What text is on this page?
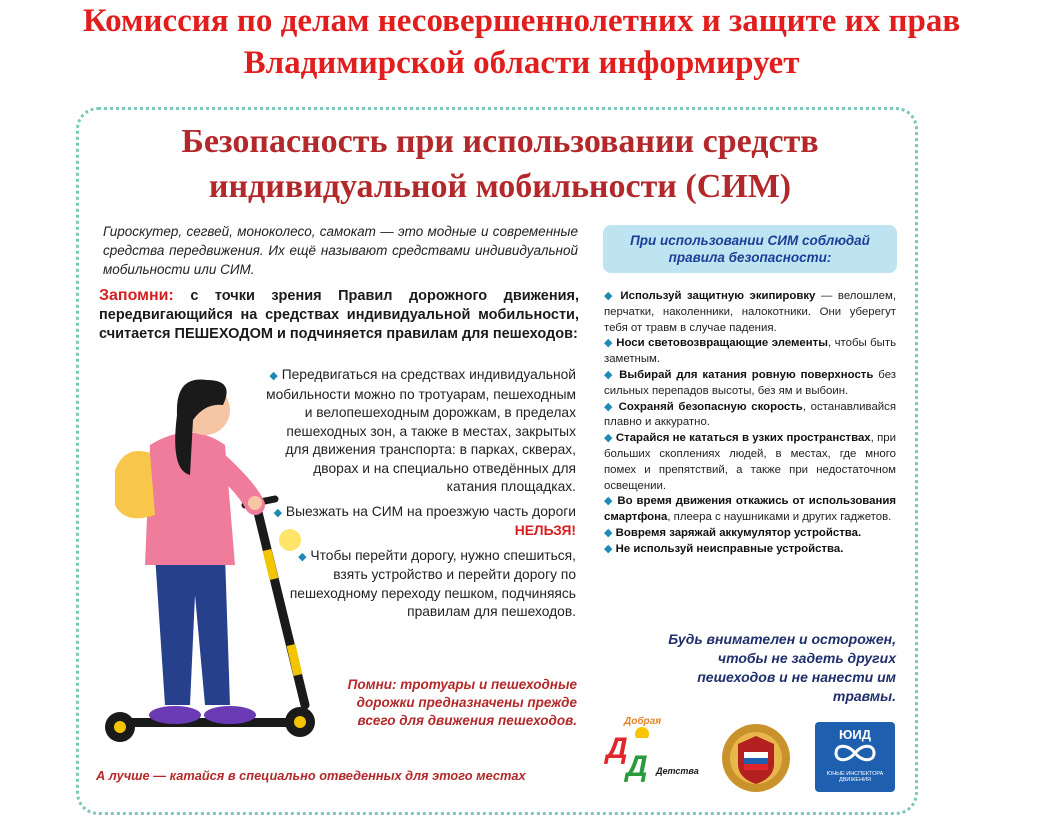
Комиссия по делам несовершеннолетних и защите их прав
Владимирской области информирует
Безопасность при использовании средств
индивидуальной мобильности (СИМ)
Гироскутер, сегвей, моноколесо, самокат — это модные и современные средства передвижения. Их ещё называют средствами индивидуальной мобильности или СИМ.
Запомни: с точки зрения Правил дорожного движения, передвигающийся на средствах индивидуальной мобильности, считается ПЕШЕХОДОМ и подчиняется правилам для пешеходов:

◆ Передвигаться на средствах индивидуальной мобильности можно по тротуарам, пешеходным и велопешеходным дорожкам, в пределах пешеходных зон, а также в местах, закрытых для движения транспорта: в парках, скверах, дворах и на специально отведённых для катания площадках.

◆ Выезжать на СИМ на проезжую часть дороги НЕЛЬЗЯ!

◆ Чтобы перейти дорогу, нужно спешиться, взять устройство и перейти дорогу по пешеходному переходу пешком, подчиняясь правилам для пешеходов.

Помни: тротуары и пешеходные дорожки предназначены прежде всего для движения пешеходов.
А лучше — катайся в специально отведенных для этого местах
При использовании СИМ соблюдай правила безопасности:

◆ Используй защитную экипировку — велошлем, перчатки, наколенники, налокотники. Они уберегут тебя от травм в случае падения.

◆ Носи световозвращающие элементы, чтобы быть заметным.

◆ Выбирай для катания ровную поверхность без сильных перепадов высоты, без ям и выбоин.

◆ Сохраняй безопасную скорость, останавливайся плавно и аккуратно.

◆ Старайся не кататься в узких пространствах, при больших скоплениях людей, в местах, где много помех и препятствий, а также при недостаточном освещении.

◆ Во время движения откажись от использования смартфона, плеера с наушниками и других гаджетов.

◆ Вовремя заряжай аккумулятор устройства.

◆ Не используй неисправные устройства.

Будь внимателен и осторожен, чтобы не задеть других пешеходов и не нанести им травмы.
Д
Д
Добрая
Детства
ЮИД
ЮНЫЕ ИНСПЕКТОРА ДВИЖЕНИЯ
